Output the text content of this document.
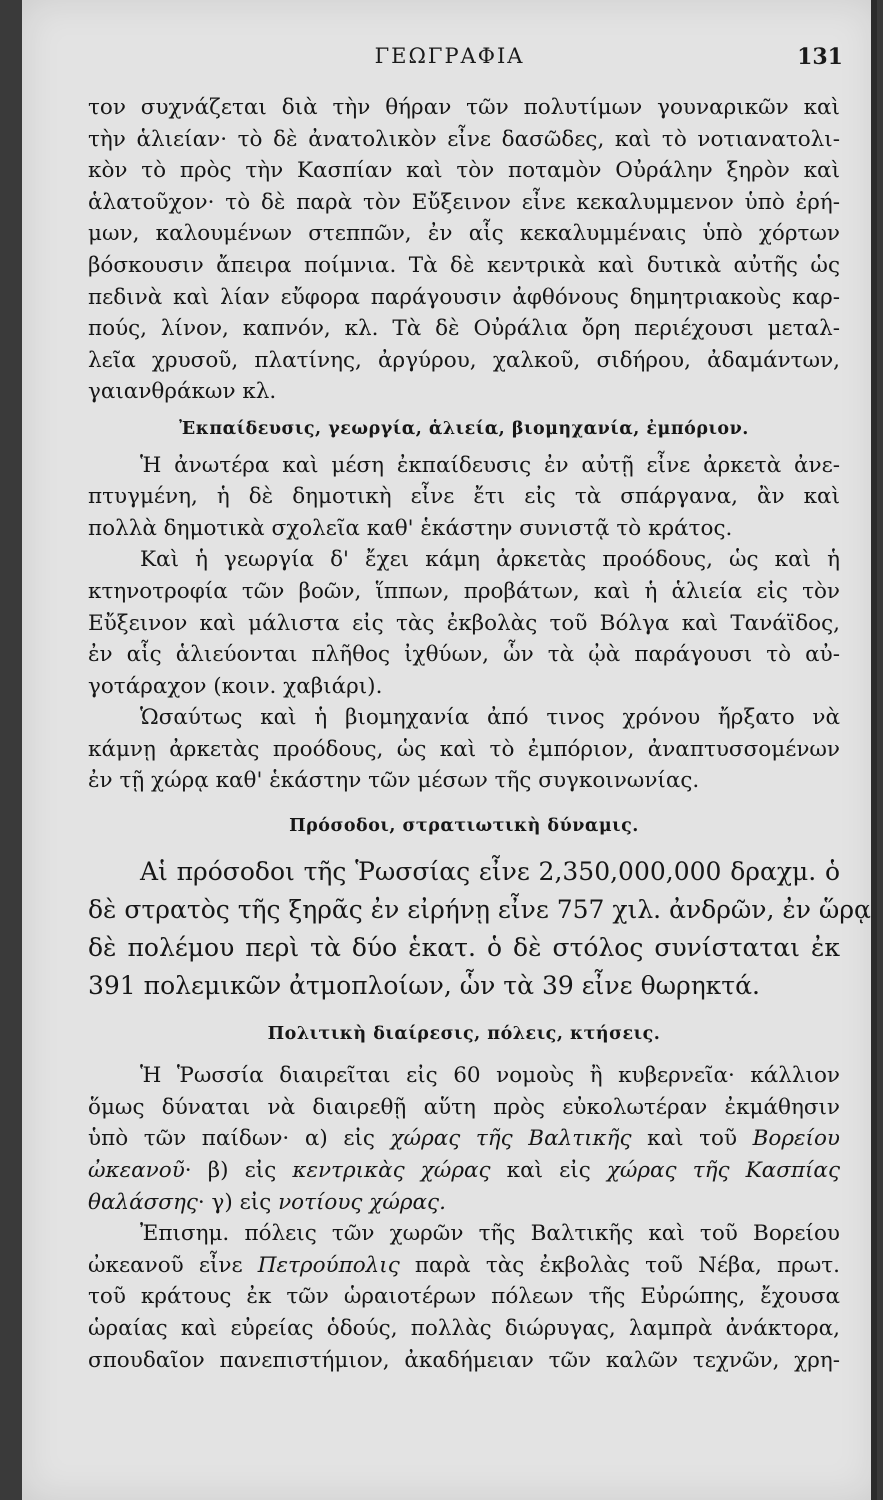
ΓΕΩΓΡΑΦΙΑ	131
τον συχνάζεται διὰ τὴν θήραν τῶν πολυτίμων γουναρικῶν καὶ
τὴν ἁλιείαν· τὸ δὲ ἀνατολικὸν εἶνε δασῶδες, καὶ τὸ νοτιανατολι-
κὸν τὸ πρὸς τὴν Κασπίαν καὶ τὸν ποταμὸν Οὐράλην ξηρὸν καὶ
ἁλατοῦχον· τὸ δὲ παρὰ τὸν Εὔξεινον εἶνε κεκαλυμμενον ὑπὸ ἐρή-
μων, καλουμένων στεππῶν, ἐν αἷς κεκαλυμμέναις ὑπὸ χόρτων
βόσκουσιν ἄπειρα ποίμνια. Τὰ δὲ κεντρικὰ καὶ δυτικὰ αὐτῆς ὡς
πεδινὰ καὶ λίαν εὔφορα παράγουσιν ἀφθόνους δημητριακοὺς καρ-
πούς, λίνον, καπνόν, κλ. Τὰ δὲ Οὐράλια ὄρη περιέχουσι μεταλ-
λεῖα χρυσοῦ, πλατίνης, ἀργύρου, χαλκοῦ, σιδήρου, ἀδαμάντων,
γαιανθράκων κλ.
Ἐκπαίδευσις, γεωργία, ἁλιεία, βιομηχανία, ἐμπόριον.
Ἡ ἀνωτέρα καὶ μέση ἐκπαίδευσις ἐν αὐτῇ εἶνε ἀρκετὰ ἀνε-
πτυγμένη, ἡ δὲ δημοτικὴ εἶνε ἔτι εἰς τὰ σπάργανα, ἂν καὶ
πολλὰ δημοτικὰ σχολεῖα καθ' ἑκάστην συνιστᾷ τὸ κράτος.
Καὶ ἡ γεωργία δ' ἔχει κάμη ἀρκετὰς προόδους, ὡς καὶ ἡ
κτηνοτροφία τῶν βοῶν, ἵππων, προβάτων, καὶ ἡ ἁλιεία εἰς τὸν
Εὔξεινον καὶ μάλιστα εἰς τὰς ἐκβολὰς τοῦ Βόλγα καὶ Τανάϊδος,
ἐν αἷς ἁλιεύονται πλῆθος ἰχθύων, ὧν τὰ ᾠὰ παράγουσι τὸ αὐ-
γοτάραχον (κοιν. χαβιάρι).
Ὡσαύτως καὶ ἡ βιομηχανία ἀπό τινος χρόνου ἤρξατο νὰ
κάμνῃ ἀρκετὰς προόδους, ὡς καὶ τὸ ἐμπόριον, ἀναπτυσσομένων
ἐν τῇ χώρᾳ καθ' ἑκάστην τῶν μέσων τῆς συγκοινωνίας.
Πρόσοδοι, στρατιωτικὴ δύναμις.
Αἱ πρόσοδοι τῆς Ῥωσσίας εἶνε 2,350,000,000 δραχμ. ὁ
δὲ στρατὸς τῆς ξηρᾶς ἐν εἰρήνῃ εἶνε 757 χιλ. ἀνδρῶν, ἐν ὥρᾳ
δὲ πολέμου περὶ τὰ δύο ἑκατ. ὁ δὲ στόλος συνίσταται ἐκ
391 πολεμικῶν ἀτμοπλοίων, ὧν τὰ 39 εἶνε θωρηκτά.
Πολιτικὴ διαίρεσις, πόλεις, κτήσεις.
Ἡ Ῥωσσία διαιρεῖται εἰς 60 νομοὺς ἢ κυβερνεῖα· κάλλιον
ὅμως δύναται νὰ διαιρεθῇ αὕτη πρὸς εὐκολωτέραν ἐκμάθησιν
ὑπὸ τῶν παίδων· α) εἰς χώρας τῆς Βαλτικῆς καὶ τοῦ Βορείου
ὠκεανοῦ· β) εἰς κεντρικὰς χώρας καὶ εἰς χώρας τῆς Κασπίας
θαλάσσης· γ) εἰς νοτίους χώρας.
Ἐπισημ. πόλεις τῶν χωρῶν τῆς Βαλτικῆς καὶ τοῦ Βορείου
ὠκεανοῦ εἶνε Πετρούπολις παρὰ τὰς ἐκβολὰς τοῦ Νέβα, πρωτ.
τοῦ κράτους ἐκ τῶν ὡραιοτέρων πόλεων τῆς Εὐρώπης, ἔχουσα
ὡραίας καὶ εὐρείας ὁδούς, πολλὰς διώρυγας, λαμπρὰ ἀνάκτορα,
σπουδαῖον πανεπιστήμιον, ἀκαδήμειαν τῶν καλῶν τεχνῶν, χρη-
